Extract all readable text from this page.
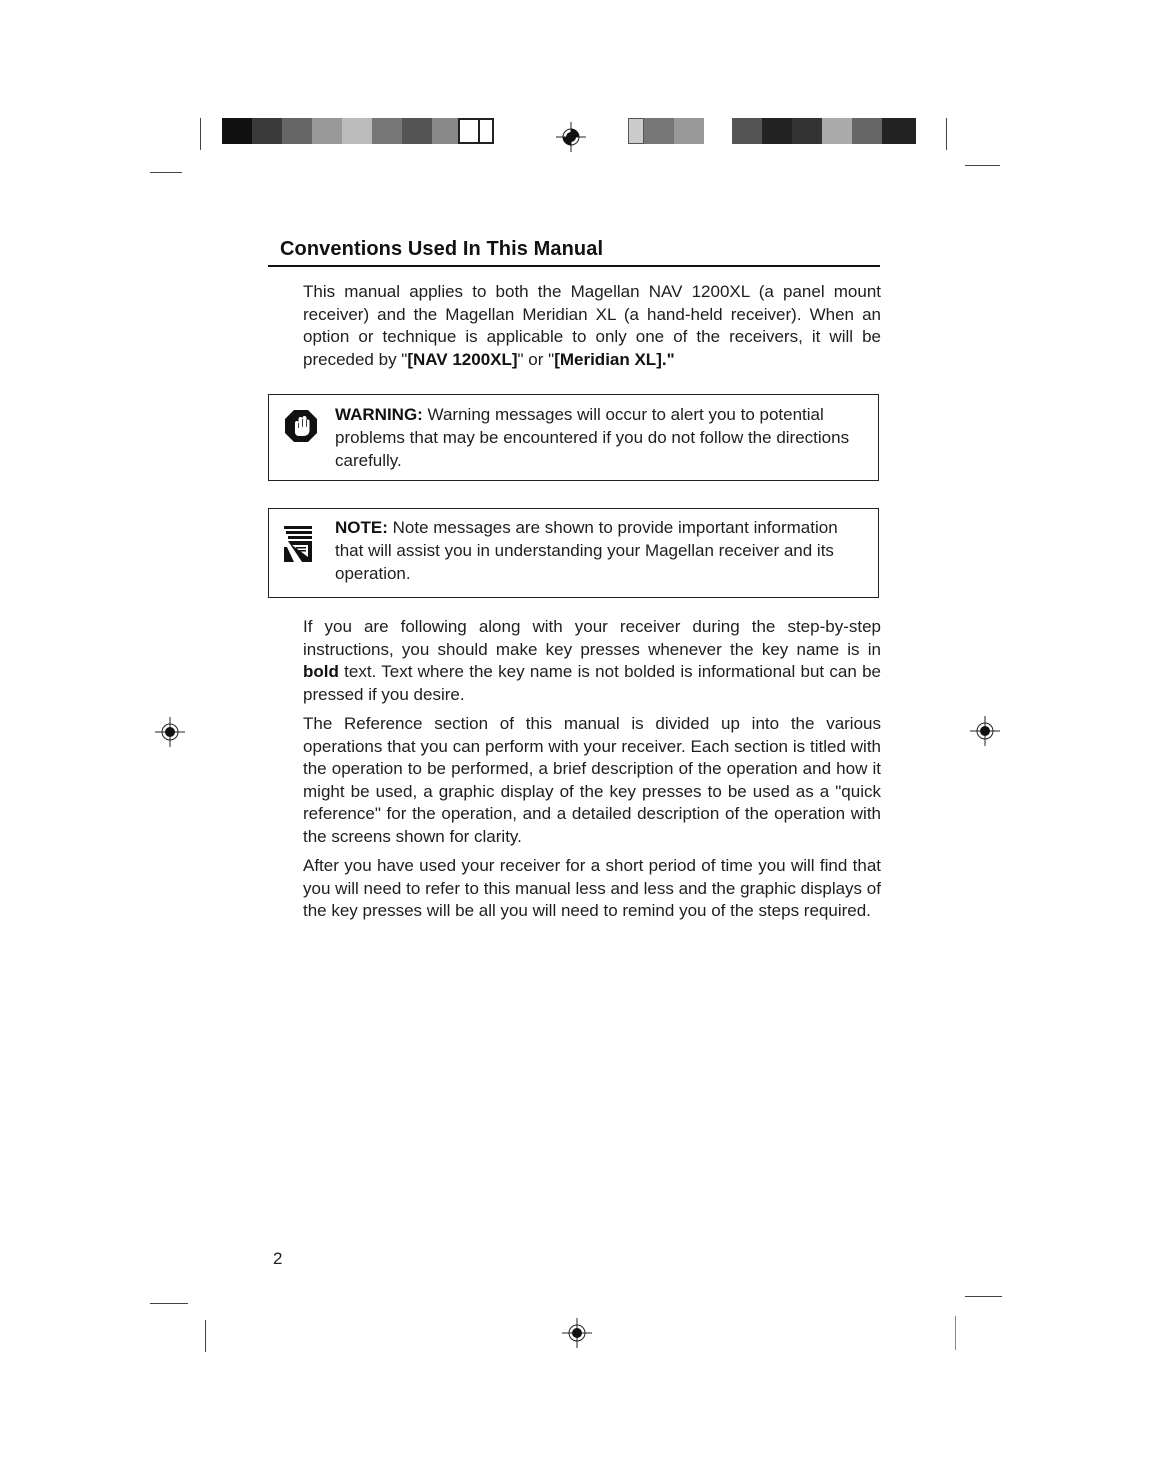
Conventions Used In This Manual
This manual applies to both the Magellan NAV 1200XL (a panel mount receiver) and the Magellan Meridian XL (a hand-held receiver). When an option or technique is applicable to only one of the receivers, it will be preceded by "[NAV 1200XL]" or "[Meridian XL]."
WARNING: Warning messages will occur to alert you to potential problems that may be encountered if you do not follow the directions carefully.
NOTE: Note messages are shown to provide important information that will assist you in understanding your Magellan receiver and its operation.
If you are following along with your receiver during the step-by-step instructions, you should make key presses whenever the key name is in bold text. Text where the key name is not bolded is informational but can be pressed if you desire.
The Reference section of this manual is divided up into the various operations that you can perform with your receiver. Each section is titled with the operation to be performed, a brief description of the operation and how it might be used, a graphic display of the key presses to be used as a "quick reference" for the operation, and a detailed description of the operation with the screens shown for clarity.
After you have used your receiver for a short period of time you will find that you will need to refer to this manual less and less and the graphic displays of the key presses will be all you will need to remind you of the steps required.
2
